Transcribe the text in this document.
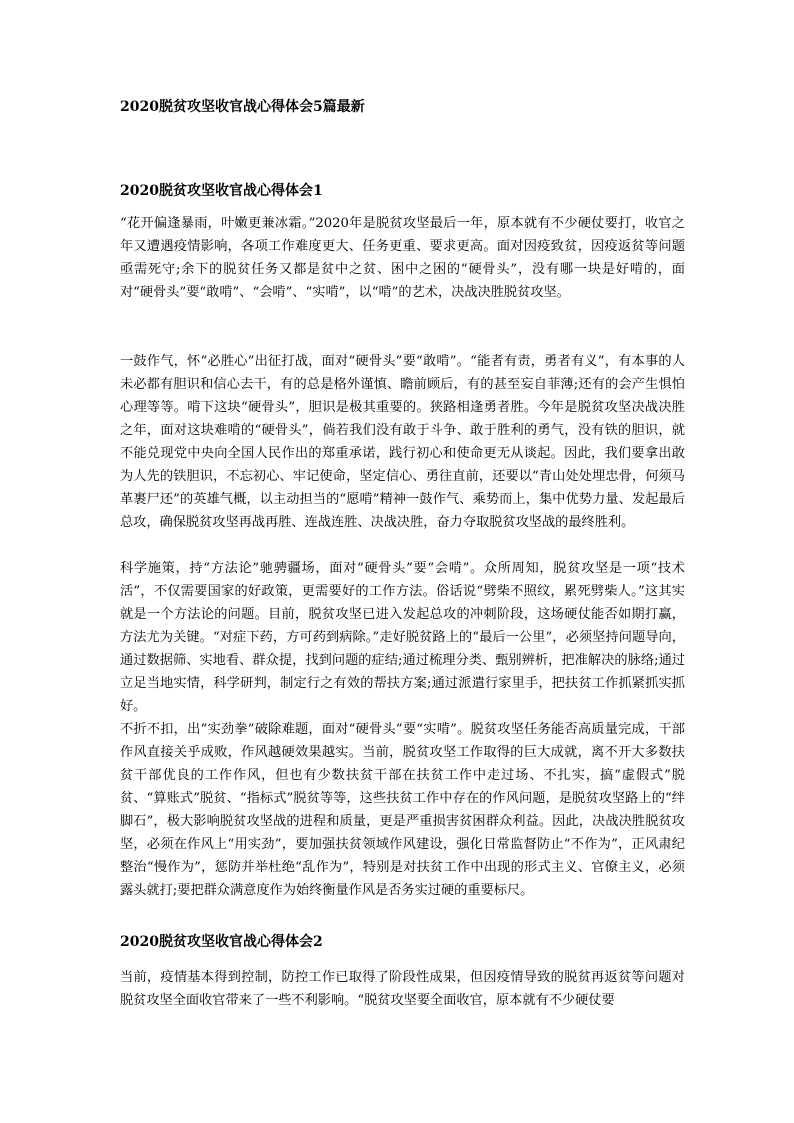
2020脱贫攻坚收官战心得体会5篇最新
2020脱贫攻坚收官战心得体会1

“花开偏逢暴雨，叶嫩更兼冰霜。”2020年是脱贫攻坚最后一年，原本就有不少硬仗要打，收官之年又遭遇疫情影响，各项工作难度更大、任务更重、要求更高。面对因疫致贫，因疫返贫等问题亟需死守;余下的脱贫任务又都是贫中之贫、困中之困的“硬骨头”，没有哪一块是好啃的，面对“硬骨头”要“敢啃”、“会啃”、“实啃”，以“啃”的艺术，决战决胜脱贫攻坚。

一鼓作气，怀“必胜心”出征打战，面对“硬骨头”要“敢啃”。“能者有责，勇者有义”，有本事的人未必都有胆识和信心去干，有的总是格外谨慎、瞻前顾后，有的甚至妄自菲薄;还有的会产生惧怕心理等等。啃下这块“硬骨头”，胆识是极其重要的。狭路相逢勇者胜。今年是脱贫攻坚决战决胜之年，面对这块难啃的“硬骨头”，倘若我们没有敢于斗争、敢于胜利的勇气，没有铁的胆识，就不能兑现党中央向全国人民作出的郑重承诺，践行初心和使命更无从谈起。因此，我们要拿出敢为人先的铁胆识，不忘初心、牢记使命，坚定信心、勇往直前，还要以“青山处处埋忠骨，何须马革裹尸还”的英雄气概，以主动担当的“愿啃”精神一鼓作气、乘势而上，集中优势力量、发起最后总攻，确保脱贫攻坚再战再胜、连战连胜、决战决胜，奋力夺取脱贫攻坚战的最终胜利。

科学施策，持“方法论”驰骋疆场，面对“硬骨头”要“会啃”。众所周知，脱贫攻坚是一项“技术活”，不仅需要国家的好政策，更需要好的工作方法。俗话说“劈柴不照纹，累死劈柴人。”这其实就是一个方法论的问题。目前，脱贫攻坚已进入发起总攻的冲刺阶段，这场硬仗能否如期打赢，方法尤为关键。“对症下药，方可药到病除。”走好脱贫路上的“最后一公里”，必须坚持问题导向，通过数据筛、实地看、群众提，找到问题的症结;通过梳理分类、甄别辨析，把准解决的脉络;通过立足当地实情，科学研判，制定行之有效的帮扶方案;通过派遣行家里手，把扶贫工作抓紧抓实抓好。

不折不扣，出“实劲拳”破除难题，面对“硬骨头”要“实啃”。脱贫攻坚任务能否高质量完成，干部作风直接关乎成败，作风越硬效果越实。当前，脱贫攻坚工作取得的巨大成就，离不开大多数扶贫干部优良的工作作风，但也有少数扶贫干部在扶贫工作中走过场、不扎实，搞“虚假式”脱贫、“算账式”脱贫、“指标式”脱贫等等，这些扶贫工作中存在的作风问题，是脱贫攻坚路上的“绊脚石”，极大影响脱贫攻坚战的进程和质量，更是严重损害贫困群众利益。因此，决战决胜脱贫攻坚，必须在作风上“用实劲”，要加强扶贫领域作风建设，强化日常监督防止“不作为”，正风肃纪整治“慢作为”，惩防并举杜绝“乱作为”，特别是对扶贫工作中出现的形式主义、官僚主义，必须露头就打;要把群众满意度作为始终衡量作风是否务实过硬的重要标尺。

2020脱贫攻坚收官战心得体会2

当前，疫情基本得到控制，防控工作已取得了阶段性成果，但因疫情导致的脱贫再返贫等问题对脱贫攻坚全面收官带来了一些不利影响。“脱贫攻坚要全面收官，原本就有不少硬仗要
